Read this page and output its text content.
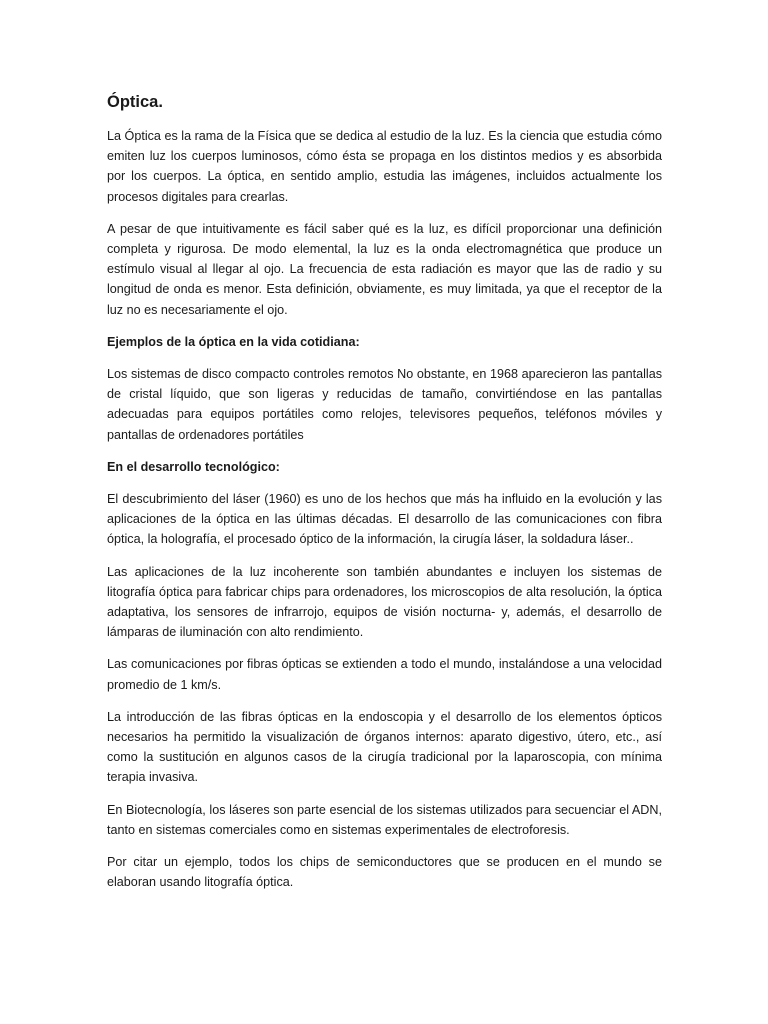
Óptica.

La Óptica es la rama de la Física que se dedica al estudio de la luz. Es la ciencia que estudia cómo emiten luz los cuerpos luminosos, cómo ésta se propaga en los distintos medios y es absorbida por los cuerpos. La óptica, en sentido amplio, estudia las imágenes, incluidos actualmente los procesos digitales para crearlas.

A pesar de que intuitivamente es fácil saber qué es la luz, es difícil proporcionar una definición completa y rigurosa. De modo elemental, la luz es la onda electromagnética que produce un estímulo visual al llegar al ojo. La frecuencia de esta radiación es mayor que las de radio y su longitud de onda es menor. Esta definición, obviamente, es muy limitada, ya que el receptor de la luz no es necesariamente el ojo.

Ejemplos de la óptica en la vida cotidiana:

Los sistemas de disco compacto controles remotos No obstante, en 1968 aparecieron las pantallas de cristal líquido, que son ligeras y reducidas de tamaño, convirtiéndose en las pantallas adecuadas para equipos portátiles como relojes, televisores pequeños, teléfonos móviles y pantallas de ordenadores portátiles

En el desarrollo tecnológico:

El descubrimiento del láser (1960) es uno de los hechos que más ha influido en la evolución y las aplicaciones de la óptica en las últimas décadas. El desarrollo de las comunicaciones con fibra óptica, la holografía, el procesado óptico de la información, la cirugía láser, la soldadura láser..

Las aplicaciones de la luz incoherente son también abundantes e incluyen los sistemas de litografía óptica para fabricar chips para ordenadores, los microscopios de alta resolución, la óptica adaptativa, los sensores de infrarrojo, equipos de visión nocturna- y, además, el desarrollo de lámparas de iluminación con alto rendimiento.

Las comunicaciones por fibras ópticas se extienden a todo el mundo, instalándose a una velocidad promedio de 1 km/s.

La introducción de las fibras ópticas en la endoscopia y el desarrollo de los elementos ópticos necesarios ha permitido la visualización de órganos internos: aparato digestivo, útero, etc., así como la sustitución en algunos casos de la cirugía tradicional por la laparoscopia, con mínima terapia invasiva.

En Biotecnología, los láseres son parte esencial de los sistemas utilizados para secuenciar el ADN, tanto en sistemas comerciales como en sistemas experimentales de electroforesis.

Por citar un ejemplo, todos los chips de semiconductores que se producen en el mundo se elaboran usando litografía óptica.
